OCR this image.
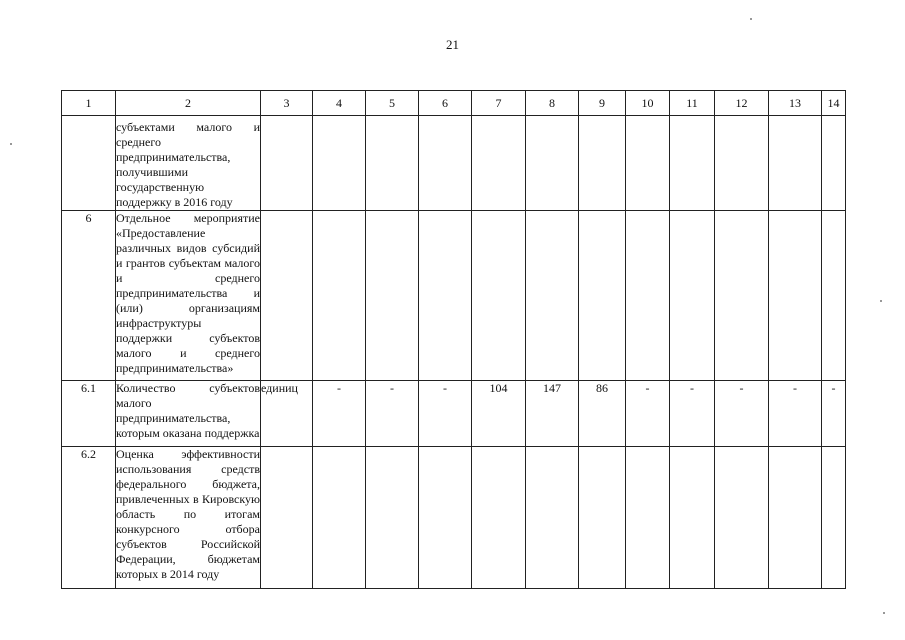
21
1	2	3	4	5	6	7	8	9	10	11	12	13	14
	субъектами малого и среднего предпринимательства, получившими государственную поддержку в 2016 году												
6	Отдельное мероприятие «Предоставление различных видов субсидий и грантов субъектам малого и среднего предпринимательства и (или) организациям инфраструктуры поддержки субъектов малого и среднего предпринимательства»												
6.1	Количество субъектов малого предпринимательства, которым оказана поддержка	единиц	-	-	-	104	147	86	-	-	-	-	-
6.2	Оценка эффективности использования средств федерального бюджета, привлеченных в Кировскую область по итогам конкурсного отбора субъектов Российской Федерации, бюджетам которых в 2014 году												
